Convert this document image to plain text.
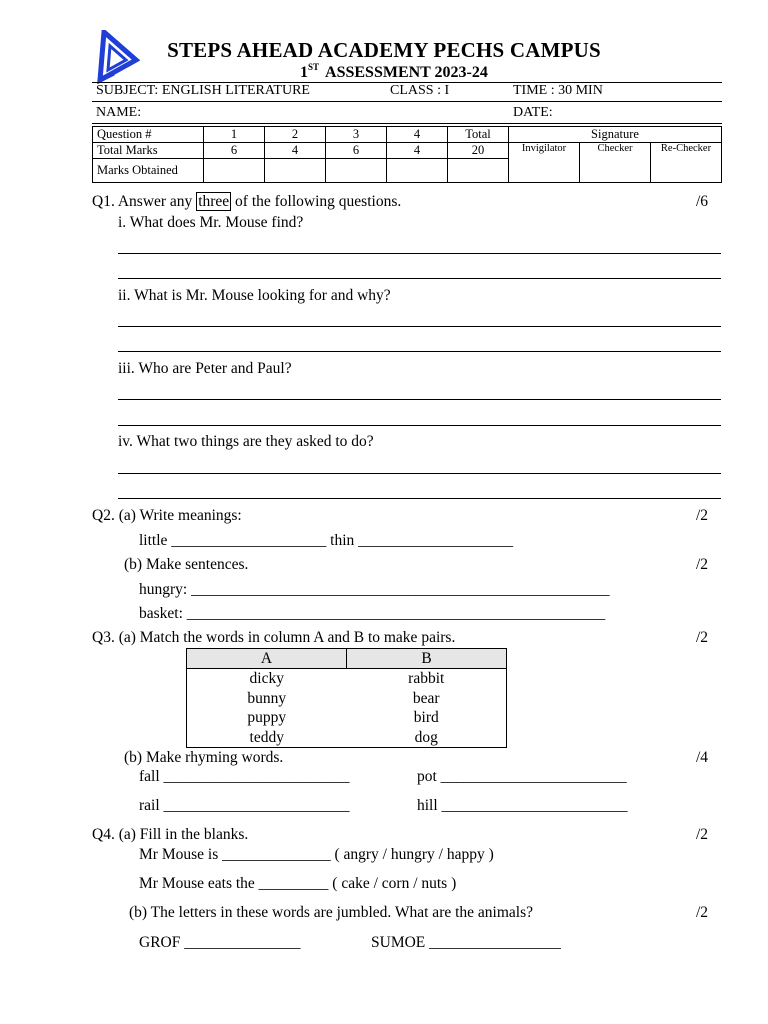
STEPS AHEAD ACADEMY PECHS CAMPUS
1ST ASSESSMENT 2023-24
SUBJECT: ENGLISH LITERATURE	CLASS : I	TIME : 30 MIN
NAME:	DATE:
Question #	1	2	3	4	Total	Signature		
Total Marks	6	4	6	4	20	Invigilator	Checker	Re-Checker
Marks Obtained								
Q1. Answer any three of the following questions.	/6
i. What does Mr. Mouse find?
ii. What is Mr. Mouse looking for and why?
iii. Who are Peter and Paul?
iv. What two things are they asked to do?
Q2. (a) Write meanings:	/2
little ____________________ thin ____________________
(b) Make sentences.	/2
hungry: ______________________________________________________
basket: ______________________________________________________
Q3. (a) Match the words in column A and B to make pairs.	/2
A	B
dicky	rabbit
bunny	bear
puppy	bird
teddy	dog
(b) Make rhyming words.	/4
fall ________________________	pot ________________________
rail ________________________	hill ________________________
Q4. (a) Fill in the blanks.	/2
Mr Mouse is ______________ ( angry / hungry / happy )
Mr Mouse eats the _________ ( cake / corn / nuts )
(b) The letters in these words are jumbled. What are the animals?	/2
GROF _______________	SUMOE _________________
